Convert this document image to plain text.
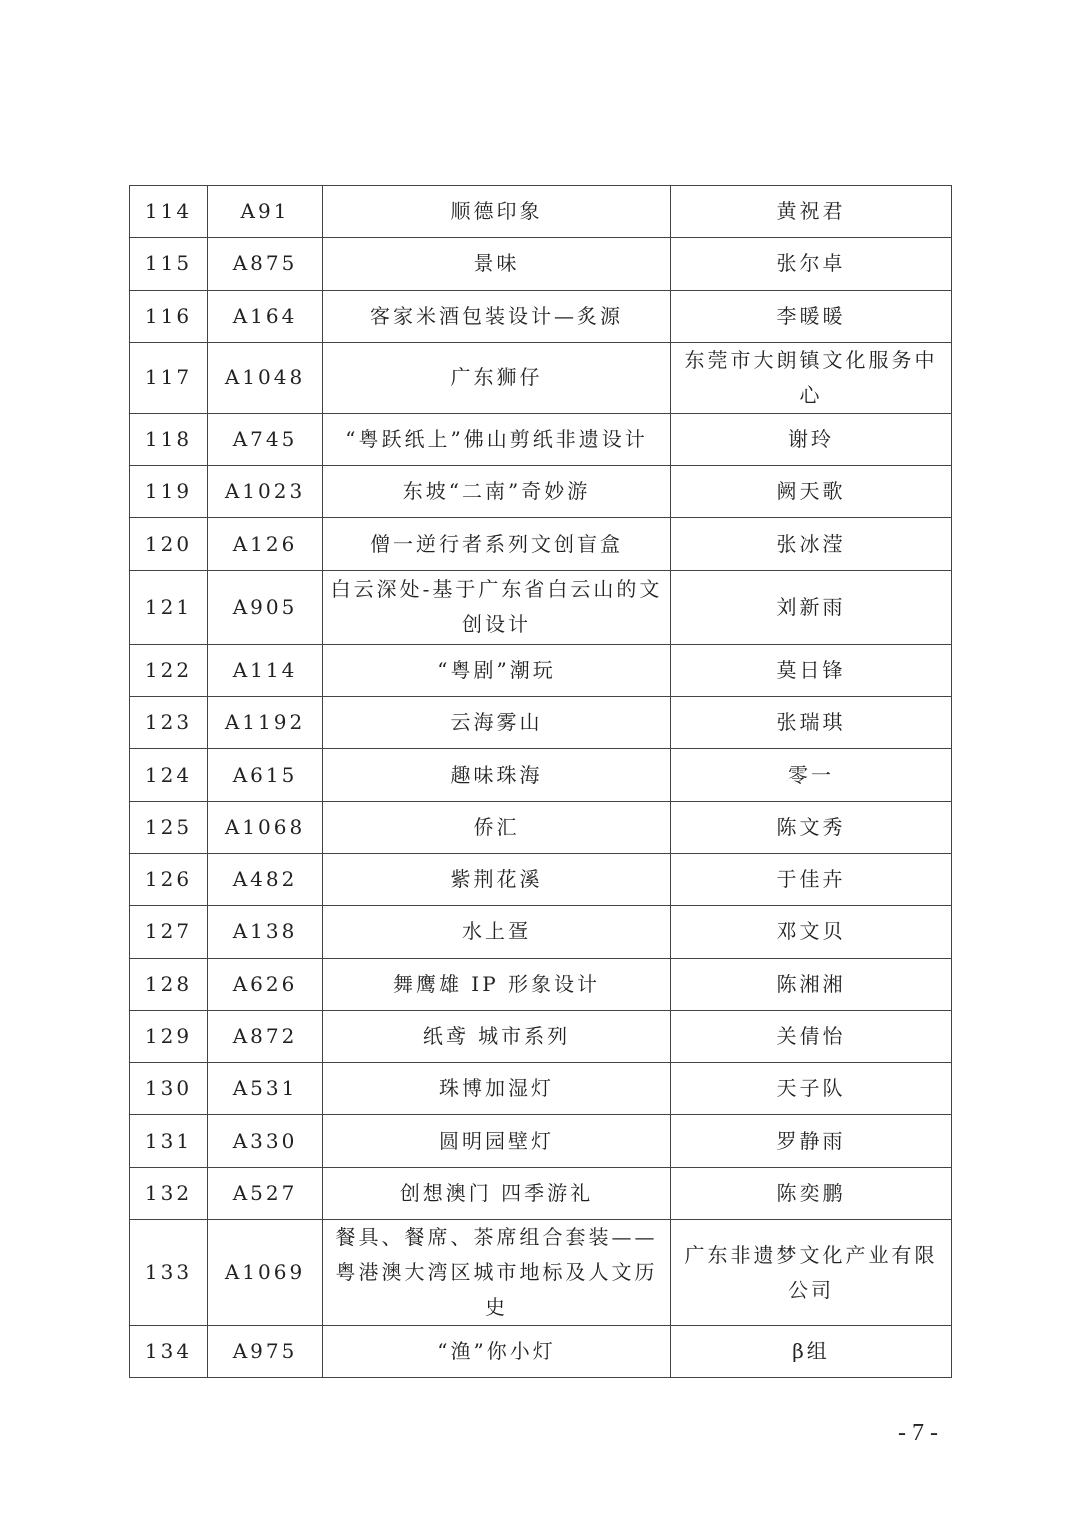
114	A91	顺德印象	黄祝君
115	A875	景味	张尔卓
116	A164	客家米酒包装设计—炙源	李暖暖
117	A1048	广东狮仔	东莞市大朗镇文化服务中心
118	A745	“粤跃纸上”佛山剪纸非遗设计	谢玲
119	A1023	东坡“二南”奇妙游	阙天歌
120	A126	僧一逆行者系列文创盲盒	张冰滢
121	A905	白云深处-基于广东省白云山的文创设计	刘新雨
122	A114	“粤剧”潮玩	莫日锋
123	A1192	云海雾山	张瑞琪
124	A615	趣味珠海	零一
125	A1068	侨汇	陈文秀
126	A482	紫荆花溪	于佳卉
127	A138	水上疍	邓文贝
128	A626	舞鹰雄 IP 形象设计	陈湘湘
129	A872	纸鸢 城市系列	关倩怡
130	A531	珠博加湿灯	天子队
131	A330	圆明园壁灯	罗静雨
132	A527	创想澳门 四季游礼	陈奕鹏
133	A1069	餐具、餐席、茶席组合套装——粤港澳大湾区城市地标及人文历史	广东非遗梦文化产业有限公司
134	A975	“渔”你小灯	β组
- 7 -
